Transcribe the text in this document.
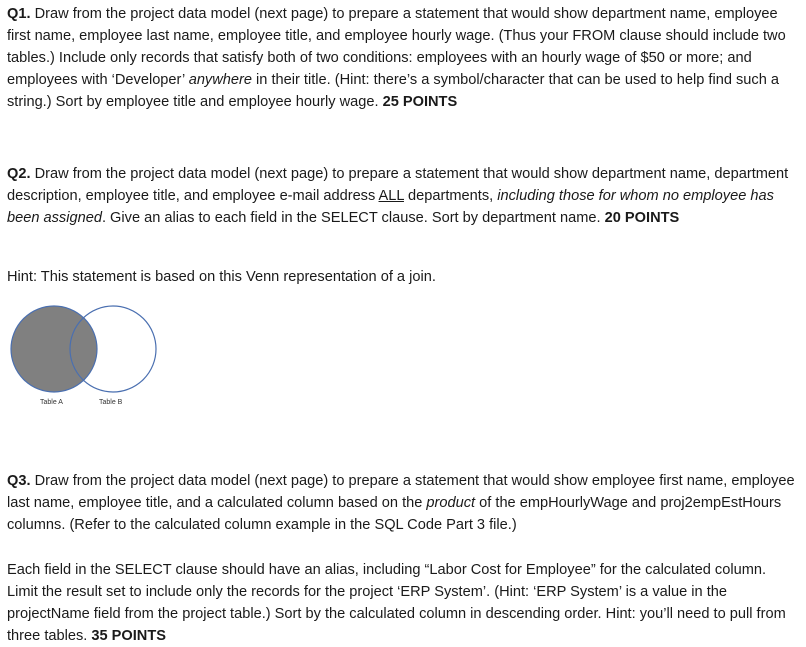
Q1. Draw from the project data model (next page) to prepare a statement that would show department name, employee first name, employee last name, employee title, and employee hourly wage. (Thus your FROM clause should include two tables.) Include only records that satisfy both of two conditions: employees with an hourly wage of $50 or more; and employees with ‘Developer’ anywhere in their title. (Hint: there’s a symbol/character that can be used to help find such a string.) Sort by employee title and employee hourly wage. 25 POINTS

Q2. Draw from the project data model (next page) to prepare a statement that would show department name, department description, employee title, and employee e-mail address ALL departments, including those for whom no employee has been assigned. Give an alias to each field in the SELECT clause. Sort by department name. 20 POINTS

Hint: This statement is based on this Venn representation of a join.

Table A	Table B

Q3. Draw from the project data model (next page) to prepare a statement that would show employee first name, employee last name, employee title, and a calculated column based on the product of the empHourlyWage and proj2empEstHours columns. (Refer to the calculated column example in the SQL Code Part 3 file.)

Each field in the SELECT clause should have an alias, including “Labor Cost for Employee” for the calculated column. Limit the result set to include only the records for the project ‘ERP System’. (Hint: ‘ERP System’ is a value in the projectName field from the project table.) Sort by the calculated column in descending order. Hint: you’ll need to pull from three tables. 35 POINTS
